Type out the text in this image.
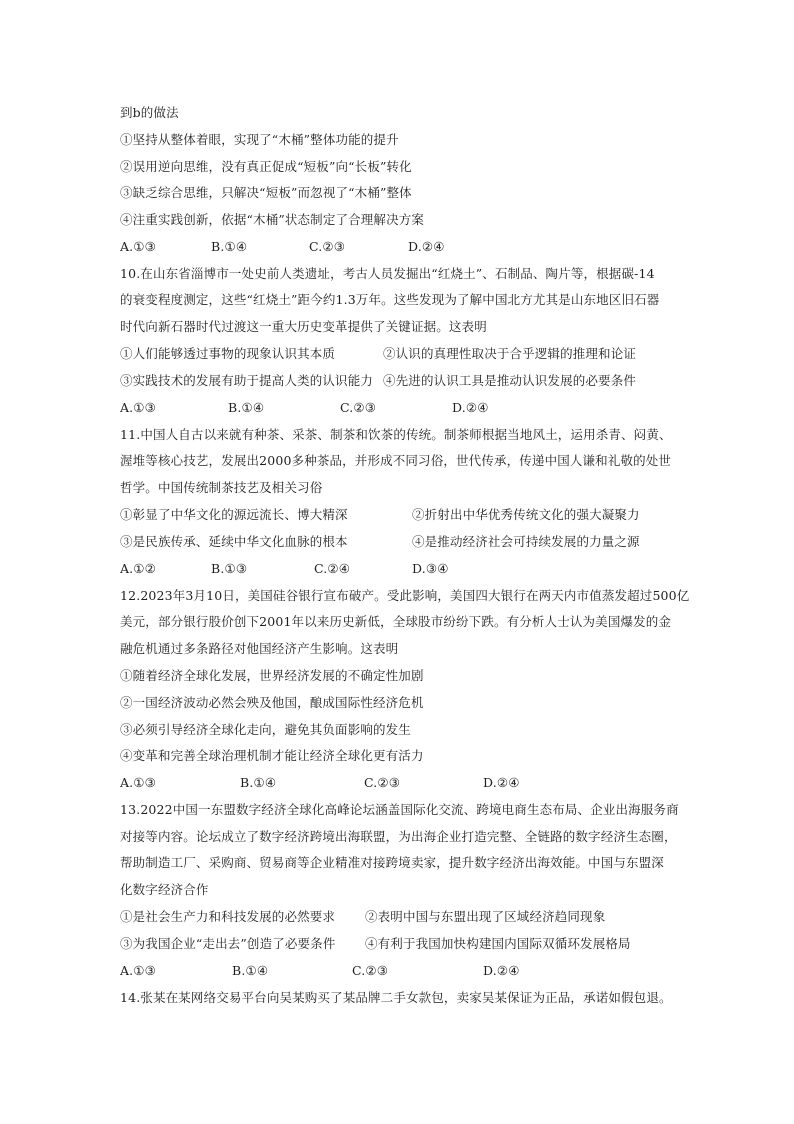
到b的做法
①坚持从整体着眼，实现了“木桶”整体功能的提升
②误用逆向思维，没有真正促成“短板”向“长板”转化
③缺乏综合思维，只解决“短板”而忽视了“木桶”整体
④注重实践创新，依据“木桶”状态制定了合理解决方案
A.①③	B.①④	C.②③	D.②④
10.在山东省淄博市一处史前人类遗址，考古人员发掘出“红烧土”、石制品、陶片等，根据碳-14
的衰变程度测定，这些“红烧土”距今约1.3万年。这些发现为了解中国北方尤其是山东地区旧石器
时代向新石器时代过渡这一重大历史变革提供了关键证据。这表明
①人们能够透过事物的现象认识其本质	②认识的真理性取决于合乎逻辑的推理和论证
③实践技术的发展有助于提高人类的认识能力 ④先进的认识工具是推动认识发展的必要条件
A.①③	B.①④	C.②③	D.②④
11.中国人自古以来就有种茶、采茶、制茶和饮茶的传统。制茶师根据当地风土，运用杀青、闷黄、
渥堆等核心技艺，发展出2000多种茶品，并形成不同习俗，世代传承，传递中国人谦和礼敬的处世
哲学。中国传统制茶技艺及相关习俗
①彰显了中华文化的源远流长、博大精深	②折射出中华优秀传统文化的强大凝聚力
③是民族传承、延续中华文化血脉的根本	④是推动经济社会可持续发展的力量之源
A.①②	B.①③	C.②④	D.③④
12.2023年3月10日，美国硅谷银行宣布破产。受此影响，美国四大银行在两天内市值蒸发超过500亿
美元，部分银行股价创下2001年以来历史新低，全球股市纷纷下跌。有分析人士认为美国爆发的金
融危机通过多条路径对他国经济产生影响。这表明
①随着经济全球化发展，世界经济发展的不确定性加剧
②一国经济波动必然会殃及他国，酿成国际性经济危机
③必须引导经济全球化走向，避免其负面影响的发生
④变革和完善全球治理机制才能让经济全球化更有活力
A.①③	B.①④	C.②③	D.②④
13.2022中国一东盟数字经济全球化高峰论坛涵盖国际化交流、跨境电商生态布局、企业出海服务商
对接等内容。论坛成立了数字经济跨境出海联盟，为出海企业打造完整、全链路的数字经济生态圈，
帮助制造工厂、采购商、贸易商等企业精准对接跨境卖家，提升数字经济出海效能。中国与东盟深
化数字经济合作
①是社会生产力和科技发展的必然要求 ②表明中国与东盟出现了区域经济趋同现象
③为我国企业“走出去”创造了必要条件 ④有利于我国加快构建国内国际双循环发展格局
A.①③	B.①④	C.②③	D.②④
14.张某在某网络交易平台向吴某购买了某品牌二手女款包，卖家吴某保证为正品，承诺如假包退。
